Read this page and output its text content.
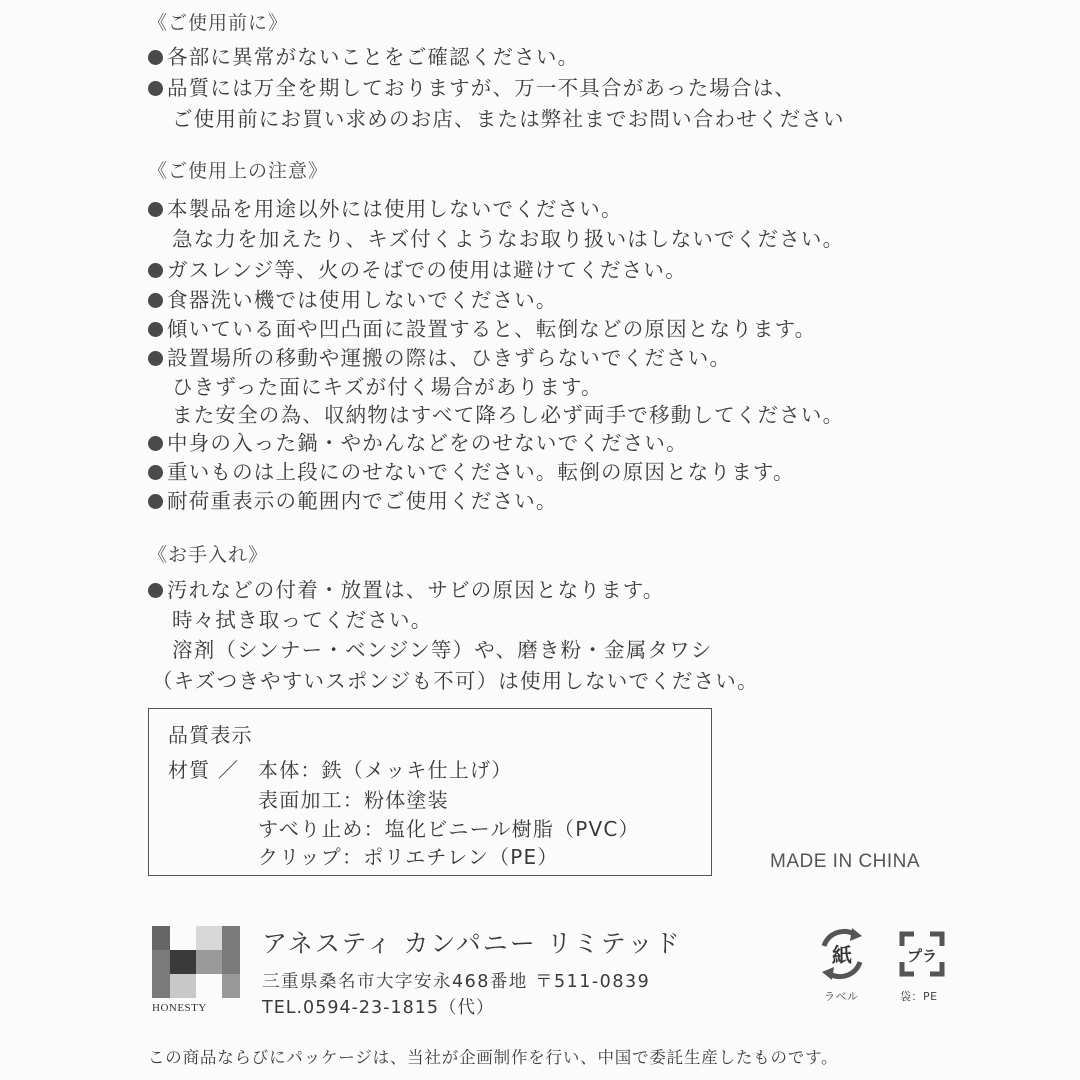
《ご使用前に》
各部に異常がないことをご確認ください。
品質には万全を期しておりますが、万一不具合があった場合は、
ご使用前にお買い求めのお店、または弊社までお問い合わせください
《ご使用上の注意》
本製品を用途以外には使用しないでください。
急な力を加えたり、キズ付くようなお取り扱いはしないでください。
ガスレンジ等、火のそばでの使用は避けてください。
食器洗い機では使用しないでください。
傾いている面や凹凸面に設置すると、転倒などの原因となります。
設置場所の移動や運搬の際は、ひきずらないでください。
ひきずった面にキズが付く場合があります。
また安全の為、収納物はすべて降ろし必ず両手で移動してください。
中身の入った鍋・やかんなどをのせないでください。
重いものは上段にのせないでください。転倒の原因となります。
耐荷重表示の範囲内でご使用ください。
《お手入れ》
汚れなどの付着・放置は、サビの原因となります。
時々拭き取ってください。
溶剤（シンナー・ベンジン等）や、磨き粉・金属タワシ
（キズつきやすいスポンジも不可）は使用しないでください。
品質表示
材質 ／ 本体：鉄（メッキ仕上げ）
表面加工：粉体塗装
すべり止め：塩化ビニール樹脂（PVC）
クリップ：ポリエチレン（PE）	MADE IN CHINA
HONESTY
アネスティ カンパニー リミテッド
三重県桑名市大字安永468番地 〒511-0839
TEL.0594-23-1815（代）
紙
ラベル
プラ
袋：PE
この商品ならびにパッケージは、当社が企画制作を行い、中国で委託生産したものです。
